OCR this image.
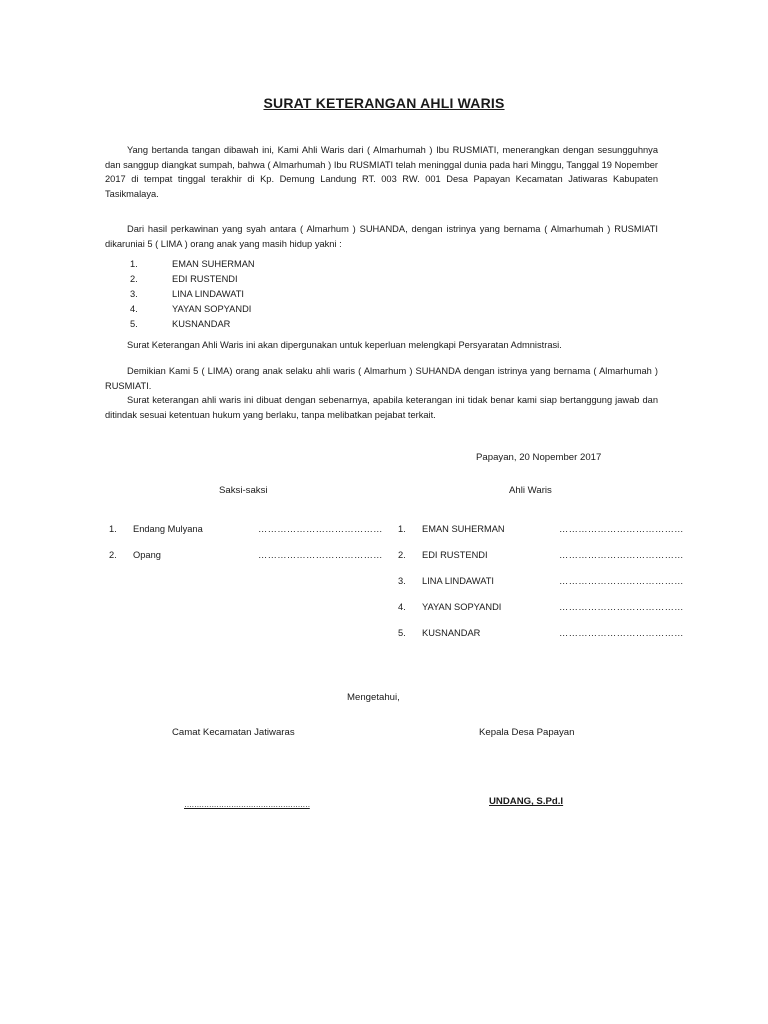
SURAT KETERANGAN AHLI WARIS
Yang bertanda tangan dibawah ini, Kami Ahli Waris dari ( Almarhumah ) Ibu RUSMIATI, menerangkan dengan sesungguhnya dan sanggup diangkat sumpah, bahwa ( Almarhumah ) Ibu RUSMIATI telah meninggal dunia pada hari Minggu, Tanggal 19 Nopember 2017 di tempat tinggal terakhir di Kp. Demung Landung RT. 003 RW. 001 Desa Papayan Kecamatan Jatiwaras Kabupaten Tasikmalaya.
Dari hasil perkawinan yang syah antara ( Almarhum ) SUHANDA, dengan istrinya yang bernama ( Almarhumah ) RUSMIATI dikaruniai 5 ( LIMA ) orang anak yang masih hidup yakni :
1.	EMAN SUHERMAN
2.	EDI RUSTENDI
3.	LINA LINDAWATI
4.	YAYAN SOPYANDI
5.	KUSNANDAR
Surat Keterangan Ahli Waris ini akan dipergunakan untuk keperluan melengkapi Persyaratan Admnistrasi.
Demikian Kami 5 ( LIMA) orang anak selaku ahli waris ( Almarhum ) SUHANDA dengan istrinya yang bernama ( Almarhumah ) RUSMIATI.
Surat keterangan ahli waris ini dibuat dengan sebenarnya, apabila keterangan ini tidak benar kami siap bertanggung jawab dan ditindak sesuai ketentuan hukum yang berlaku, tanpa melibatkan pejabat terkait.
Papayan, 20 Nopember 2017
Saksi-saksi	Ahli Waris
1. Endang Mulyana	…………………………………
2. Opang	…………………………………
1. EMAN SUHERMAN	…………………………………
2. EDI RUSTENDI	…………………………………
3. LINA LINDAWATI	…………………………………
4. YAYAN SOPYANDI	…………………………………
5. KUSNANDAR	…………………………………
Mengetahui,
Camat Kecamatan Jatiwaras	Kepala Desa Papayan
……………………………………………	UNDANG, S.Pd.I
